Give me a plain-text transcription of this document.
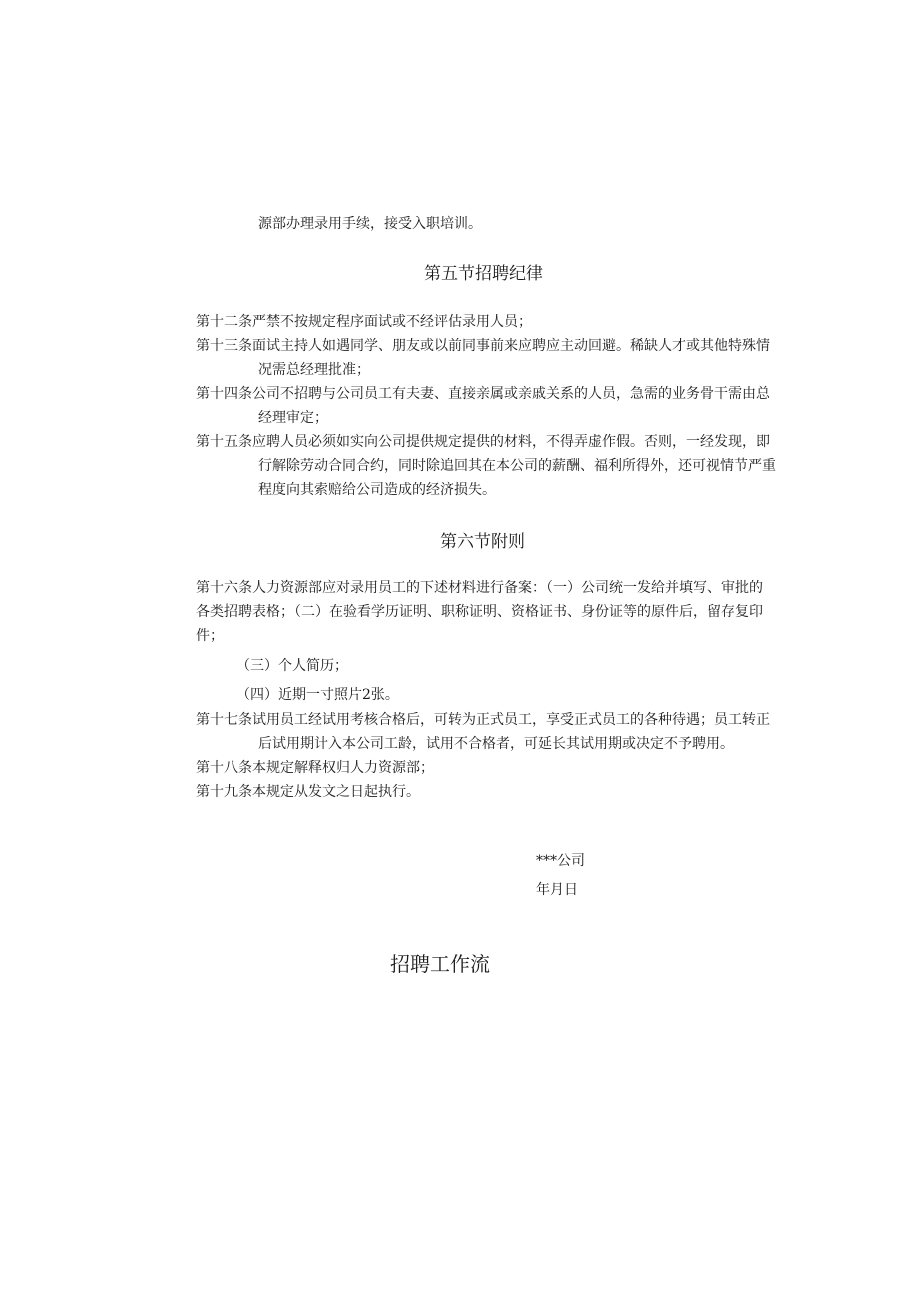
源部办理录用手续，接受入职培训。
第五节招聘纪律
第十二条严禁不按规定程序面试或不经评估录用人员；
第十三条面试主持人如遇同学、朋友或以前同事前来应聘应主动回避。稀缺人才或其他特殊情
况需总经理批准；
第十四条公司不招聘与公司员工有夫妻、直接亲属或亲戚关系的人员，急需的业务骨干需由总
经理审定；
第十五条应聘人员必须如实向公司提供规定提供的材料，不得弄虚作假。否则，一经发现，即
行解除劳动合同合约，同时除追回其在本公司的薪酬、福利所得外，还可视情节严重
程度向其索赔给公司造成的经济损失。
第六节附则
第十六条人力资源部应对录用员工的下述材料进行备案：（一）公司统一发给并填写、审批的
各类招聘表格；（二）在验看学历证明、职称证明、资格证书、身份证等的原件后，留存复印
件；
（三）个人简历；
（四）近期一寸照片2张。
第十七条试用员工经试用考核合格后，可转为正式员工，享受正式员工的各种待遇；员工转正
后试用期计入本公司工龄，试用不合格者，可延长其试用期或决定不予聘用。
第十八条本规定解释权归人力资源部；
第十九条本规定从发文之日起执行。
***公司
年月日
招聘工作流
